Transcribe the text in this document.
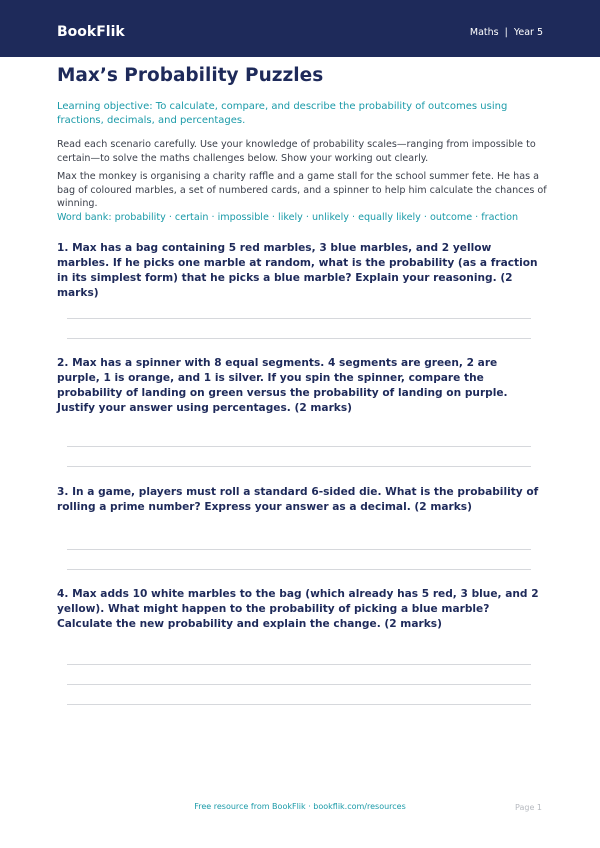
BookFlik	Maths | Year 5
Max’s Probability Puzzles

Learning objective: To calculate, compare, and describe the probability of outcomes using fractions, decimals, and percentages.

Read each scenario carefully. Use your knowledge of probability scales—ranging from impossible to certain—to solve the maths challenges below. Show your working out clearly.

Max the monkey is organising a charity raffle and a game stall for the school summer fete. He has a bag of coloured marbles, a set of numbered cards, and a spinner to help him calculate the chances of winning.

Word bank: probability · certain · impossible · likely · unlikely · equally likely · outcome · fraction

1. Max has a bag containing 5 red marbles, 3 blue marbles, and 2 yellow marbles. If he picks one marble at random, what is the probability (as a fraction in its simplest form) that he picks a blue marble? Explain your reasoning. (2 marks)

2. Max has a spinner with 8 equal segments. 4 segments are green, 2 are purple, 1 is orange, and 1 is silver. If you spin the spinner, compare the probability of landing on green versus the probability of landing on purple. Justify your answer using percentages. (2 marks)

3. In a game, players must roll a standard 6-sided die. What is the probability of rolling a prime number? Express your answer as a decimal. (2 marks)

4. Max adds 10 white marbles to the bag (which already has 5 red, 3 blue, and 2 yellow). What might happen to the probability of picking a blue marble? Calculate the new probability and explain the change. (2 marks)

Free resource from BookFlik · bookflik.com/resources	Page 1
